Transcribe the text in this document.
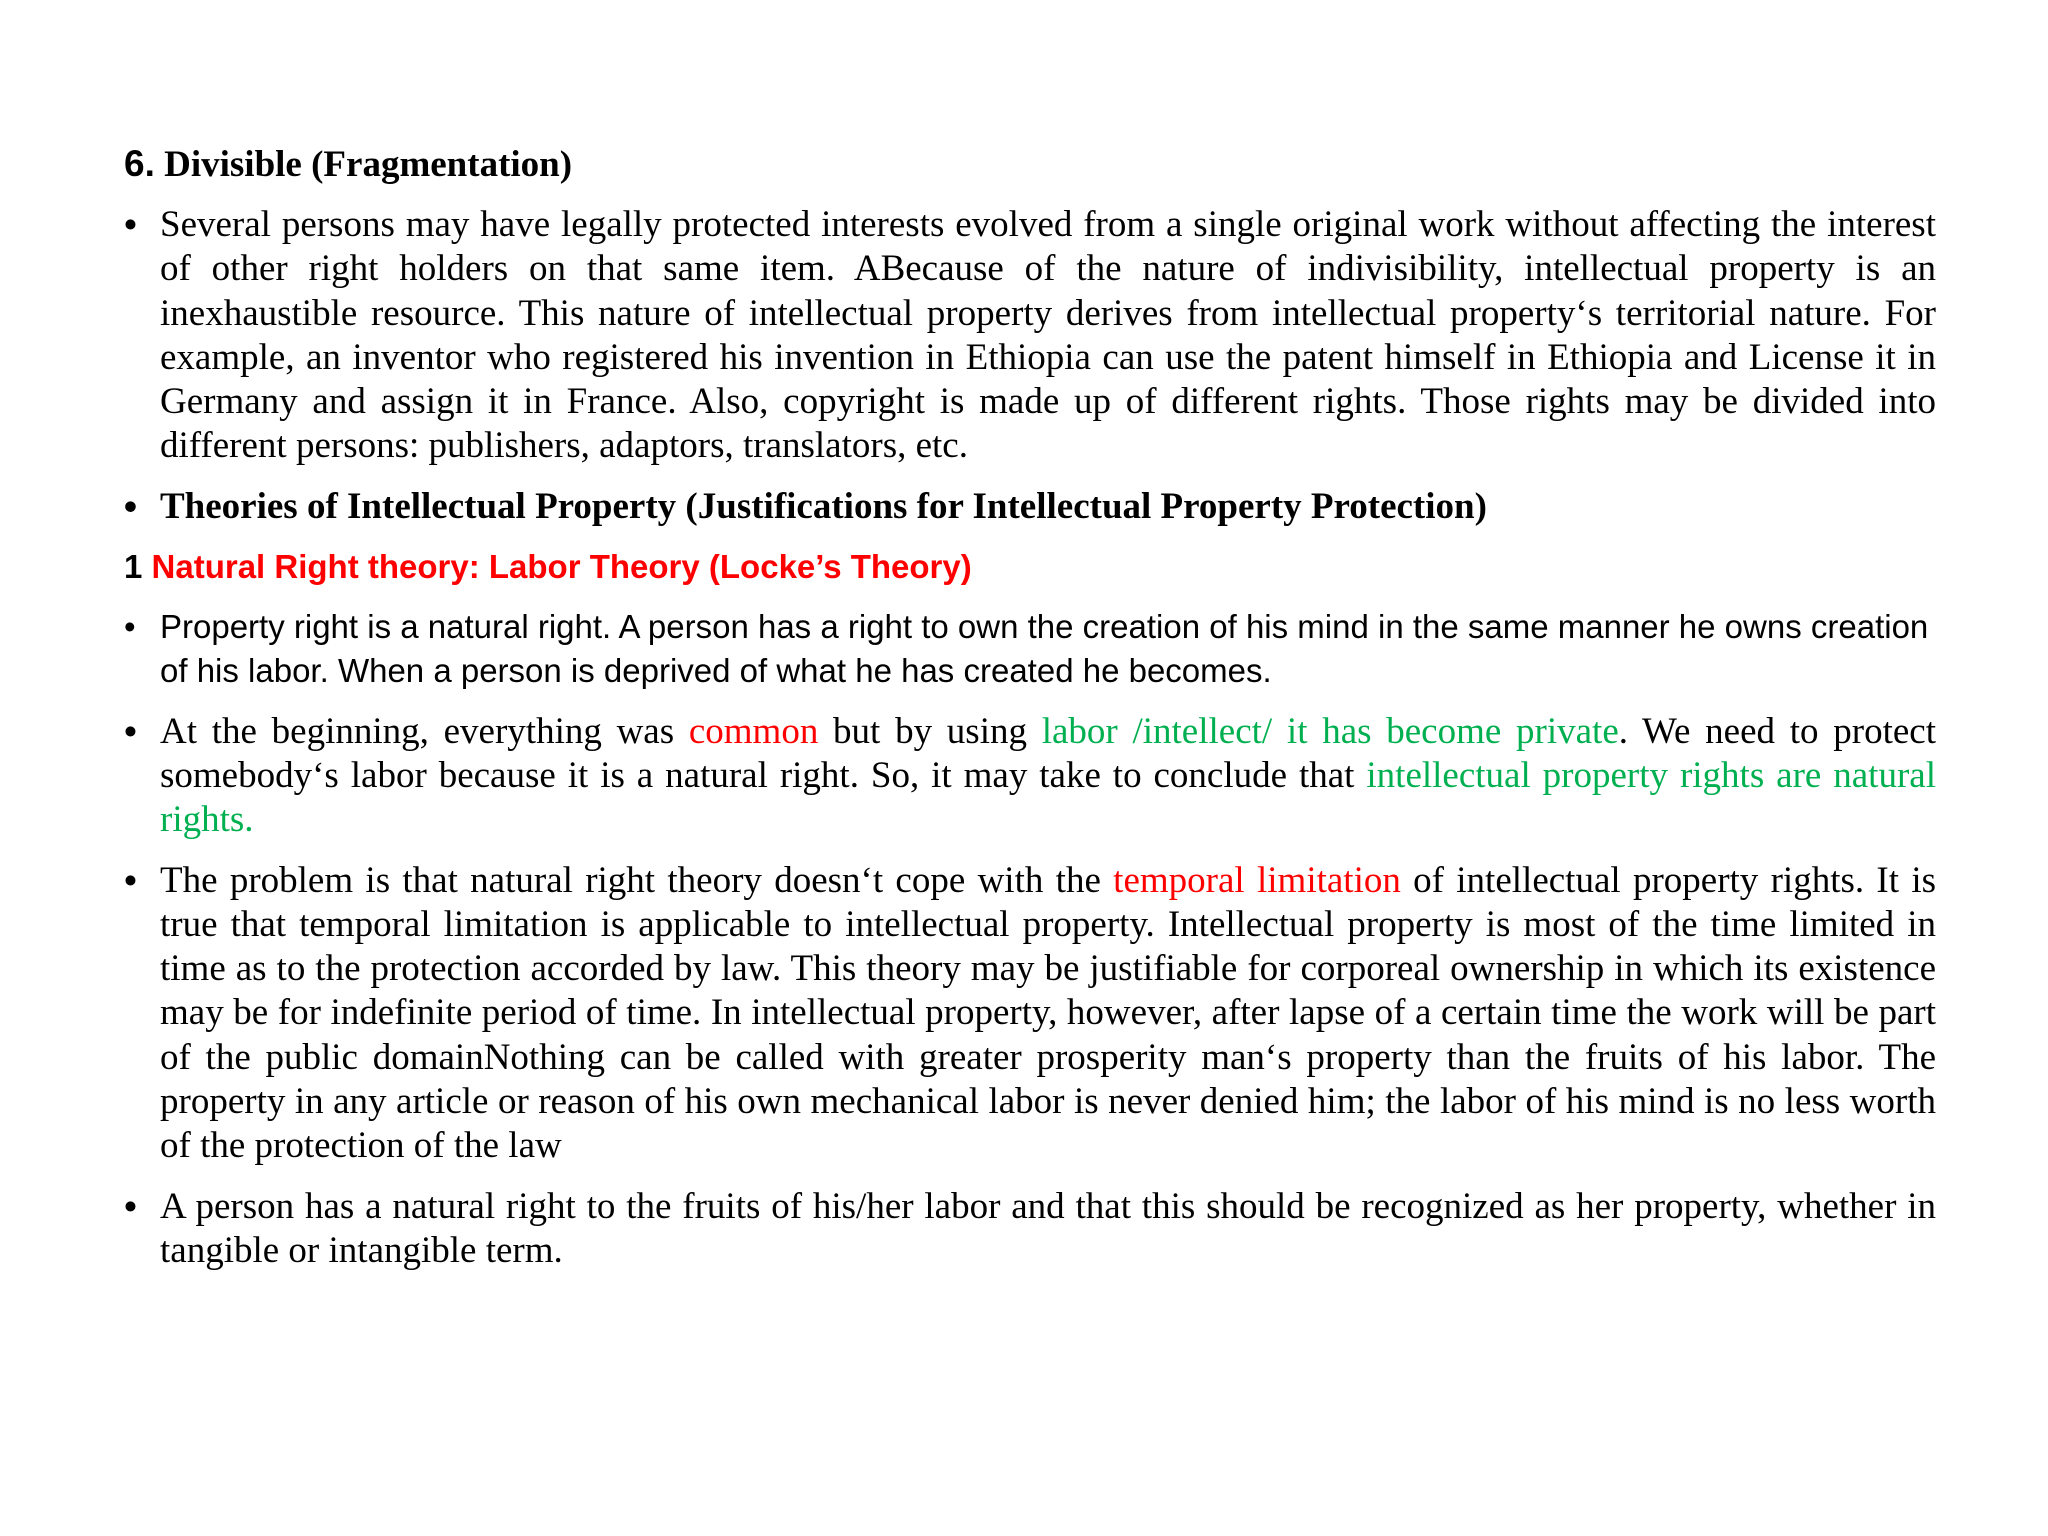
6. Divisible (Fragmentation)
• Several persons may have legally protected interests evolved from a single original work without affecting the interest of other right holders on that same item. ABecause of the nature of indivisibility, intellectual property is an inexhaustible resource. This nature of intellectual property derives from intellectual property‘s territorial nature. For example, an inventor who registered his invention in Ethiopia can use the patent himself in Ethiopia and License it in Germany and assign it in France. Also, copyright is made up of different rights. Those rights may be divided into different persons: publishers, adaptors, translators, etc.
• Theories of Intellectual Property (Justifications for Intellectual Property Protection)
1 Natural Right theory: Labor Theory (Locke’s Theory)
• Property right is a natural right. A person has a right to own the creation of his mind in the same manner he owns creation of his labor. When a person is deprived of what he has created he becomes.
• At the beginning, everything was common but by using labor /intellect/ it has become private. We need to protect somebody‘s labor because it is a natural right. So, it may take to conclude that intellectual property rights are natural rights.
• The problem is that natural right theory doesn‘t cope with the temporal limitation of intellectual property rights. It is true that temporal limitation is applicable to intellectual property. Intellectual property is most of the time limited in time as to the protection accorded by law. This theory may be justifiable for corporeal ownership in which its existence may be for indefinite period of time. In intellectual property, however, after lapse of a certain time the work will be part of the public domainNothing can be called with greater prosperity man‘s property than the fruits of his labor. The property in any article or reason of his own mechanical labor is never denied him; the labor of his mind is no less worth of the protection of the law
• A person has a natural right to the fruits of his/her labor and that this should be recognized as her property, whether in tangible or intangible term.
